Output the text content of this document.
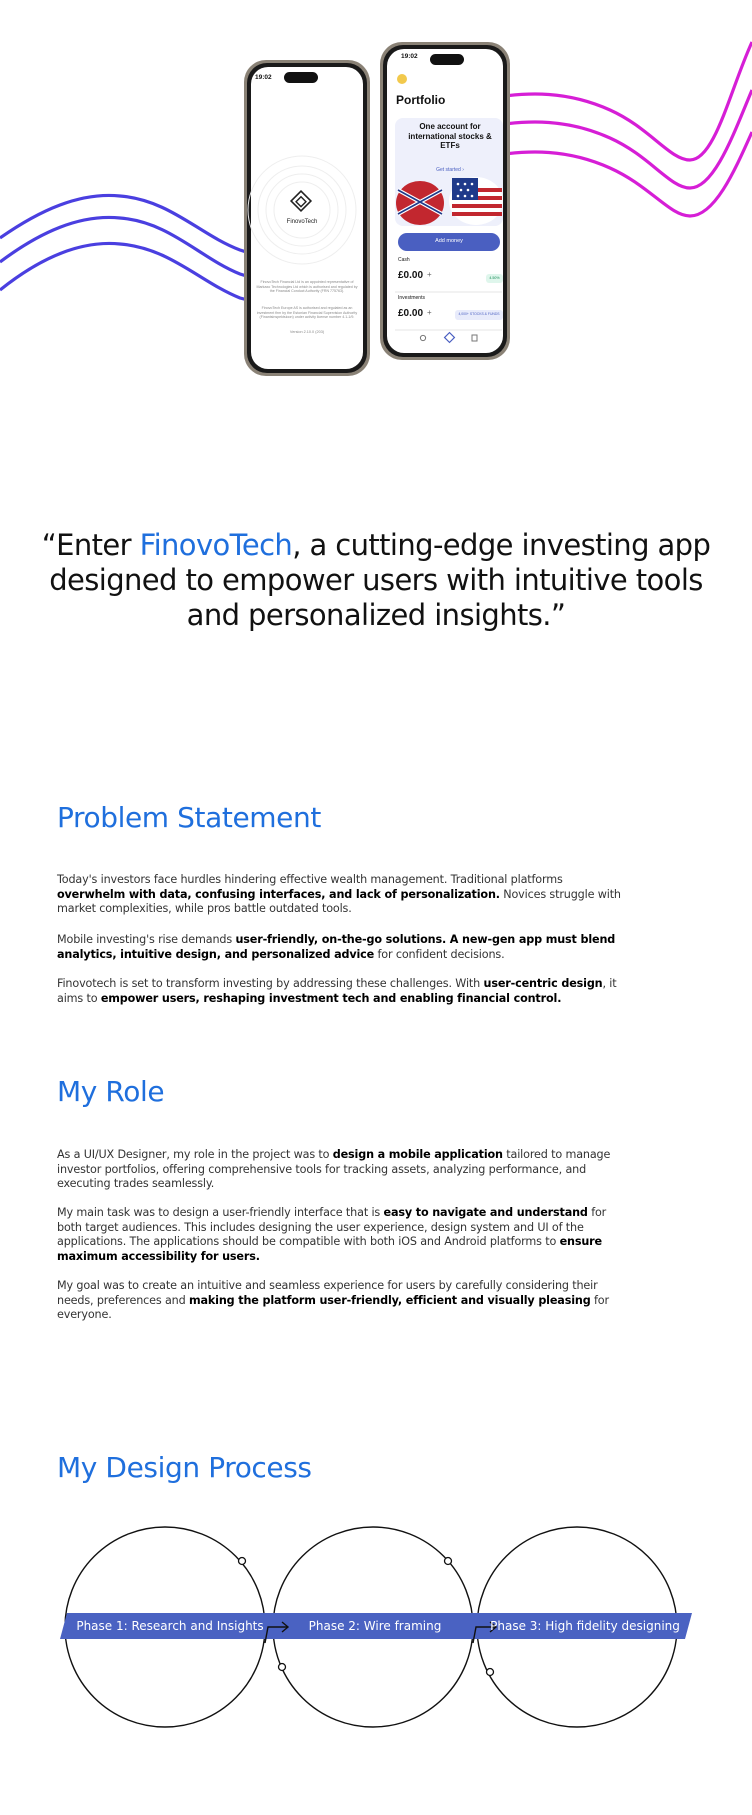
19:02
FinovoTech
FinovoTech Financial Ltd is an appointed representative of Markaxo Technologies Ltd which is authorised and regulated by the Financial Conduct Authority (FRN 775763).
FinovoTech Europe AS is authorised and regulated as an investment firm by the Estonian Financial Supervision Authority (Finantsinspektsioon) under activity license number 4.1-1/9.
Version 2.10.0 (203)
19:02
Portfolio
One account for international stocks & ETFs
Get started ›
Add money
Cash
£0.00 +	4.50%
Investments
£0.00 +	4,000+ STOCKS & FUNDS
“Enter FinovoTech, a cutting-edge investing app designed to empower users with intuitive tools and personalized insights.”
Problem Statement

Today's investors face hurdles hindering effective wealth management. Traditional platforms overwhelm with data, confusing interfaces, and lack of personalization. Novices struggle with market complexities, while pros battle outdated tools.

Mobile investing's rise demands user-friendly, on-the-go solutions. A new-gen app must blend analytics, intuitive design, and personalized advice for confident decisions.

Finovotech is set to transform investing by addressing these challenges. With user-centric design, it aims to empower users, reshaping investment tech and enabling financial control.

My Role

As a UI/UX Designer, my role in the project was to design a mobile application tailored to manage investor portfolios, offering comprehensive tools for tracking assets, analyzing performance, and executing trades seamlessly.

My main task was to design a user-friendly interface that is easy to navigate and understand for both target audiences. This includes designing the user experience, design system and UI of the applications. The applications should be compatible with both iOS and Android platforms to ensure maximum accessibility for users.

My goal was to create an intuitive and seamless experience for users by carefully considering their needs, preferences and making the platform user-friendly, efficient and visually pleasing for everyone.

My Design Process
Phase 1: Research and Insights	Phase 2: Wire framing	Phase 3: High fidelity designing
